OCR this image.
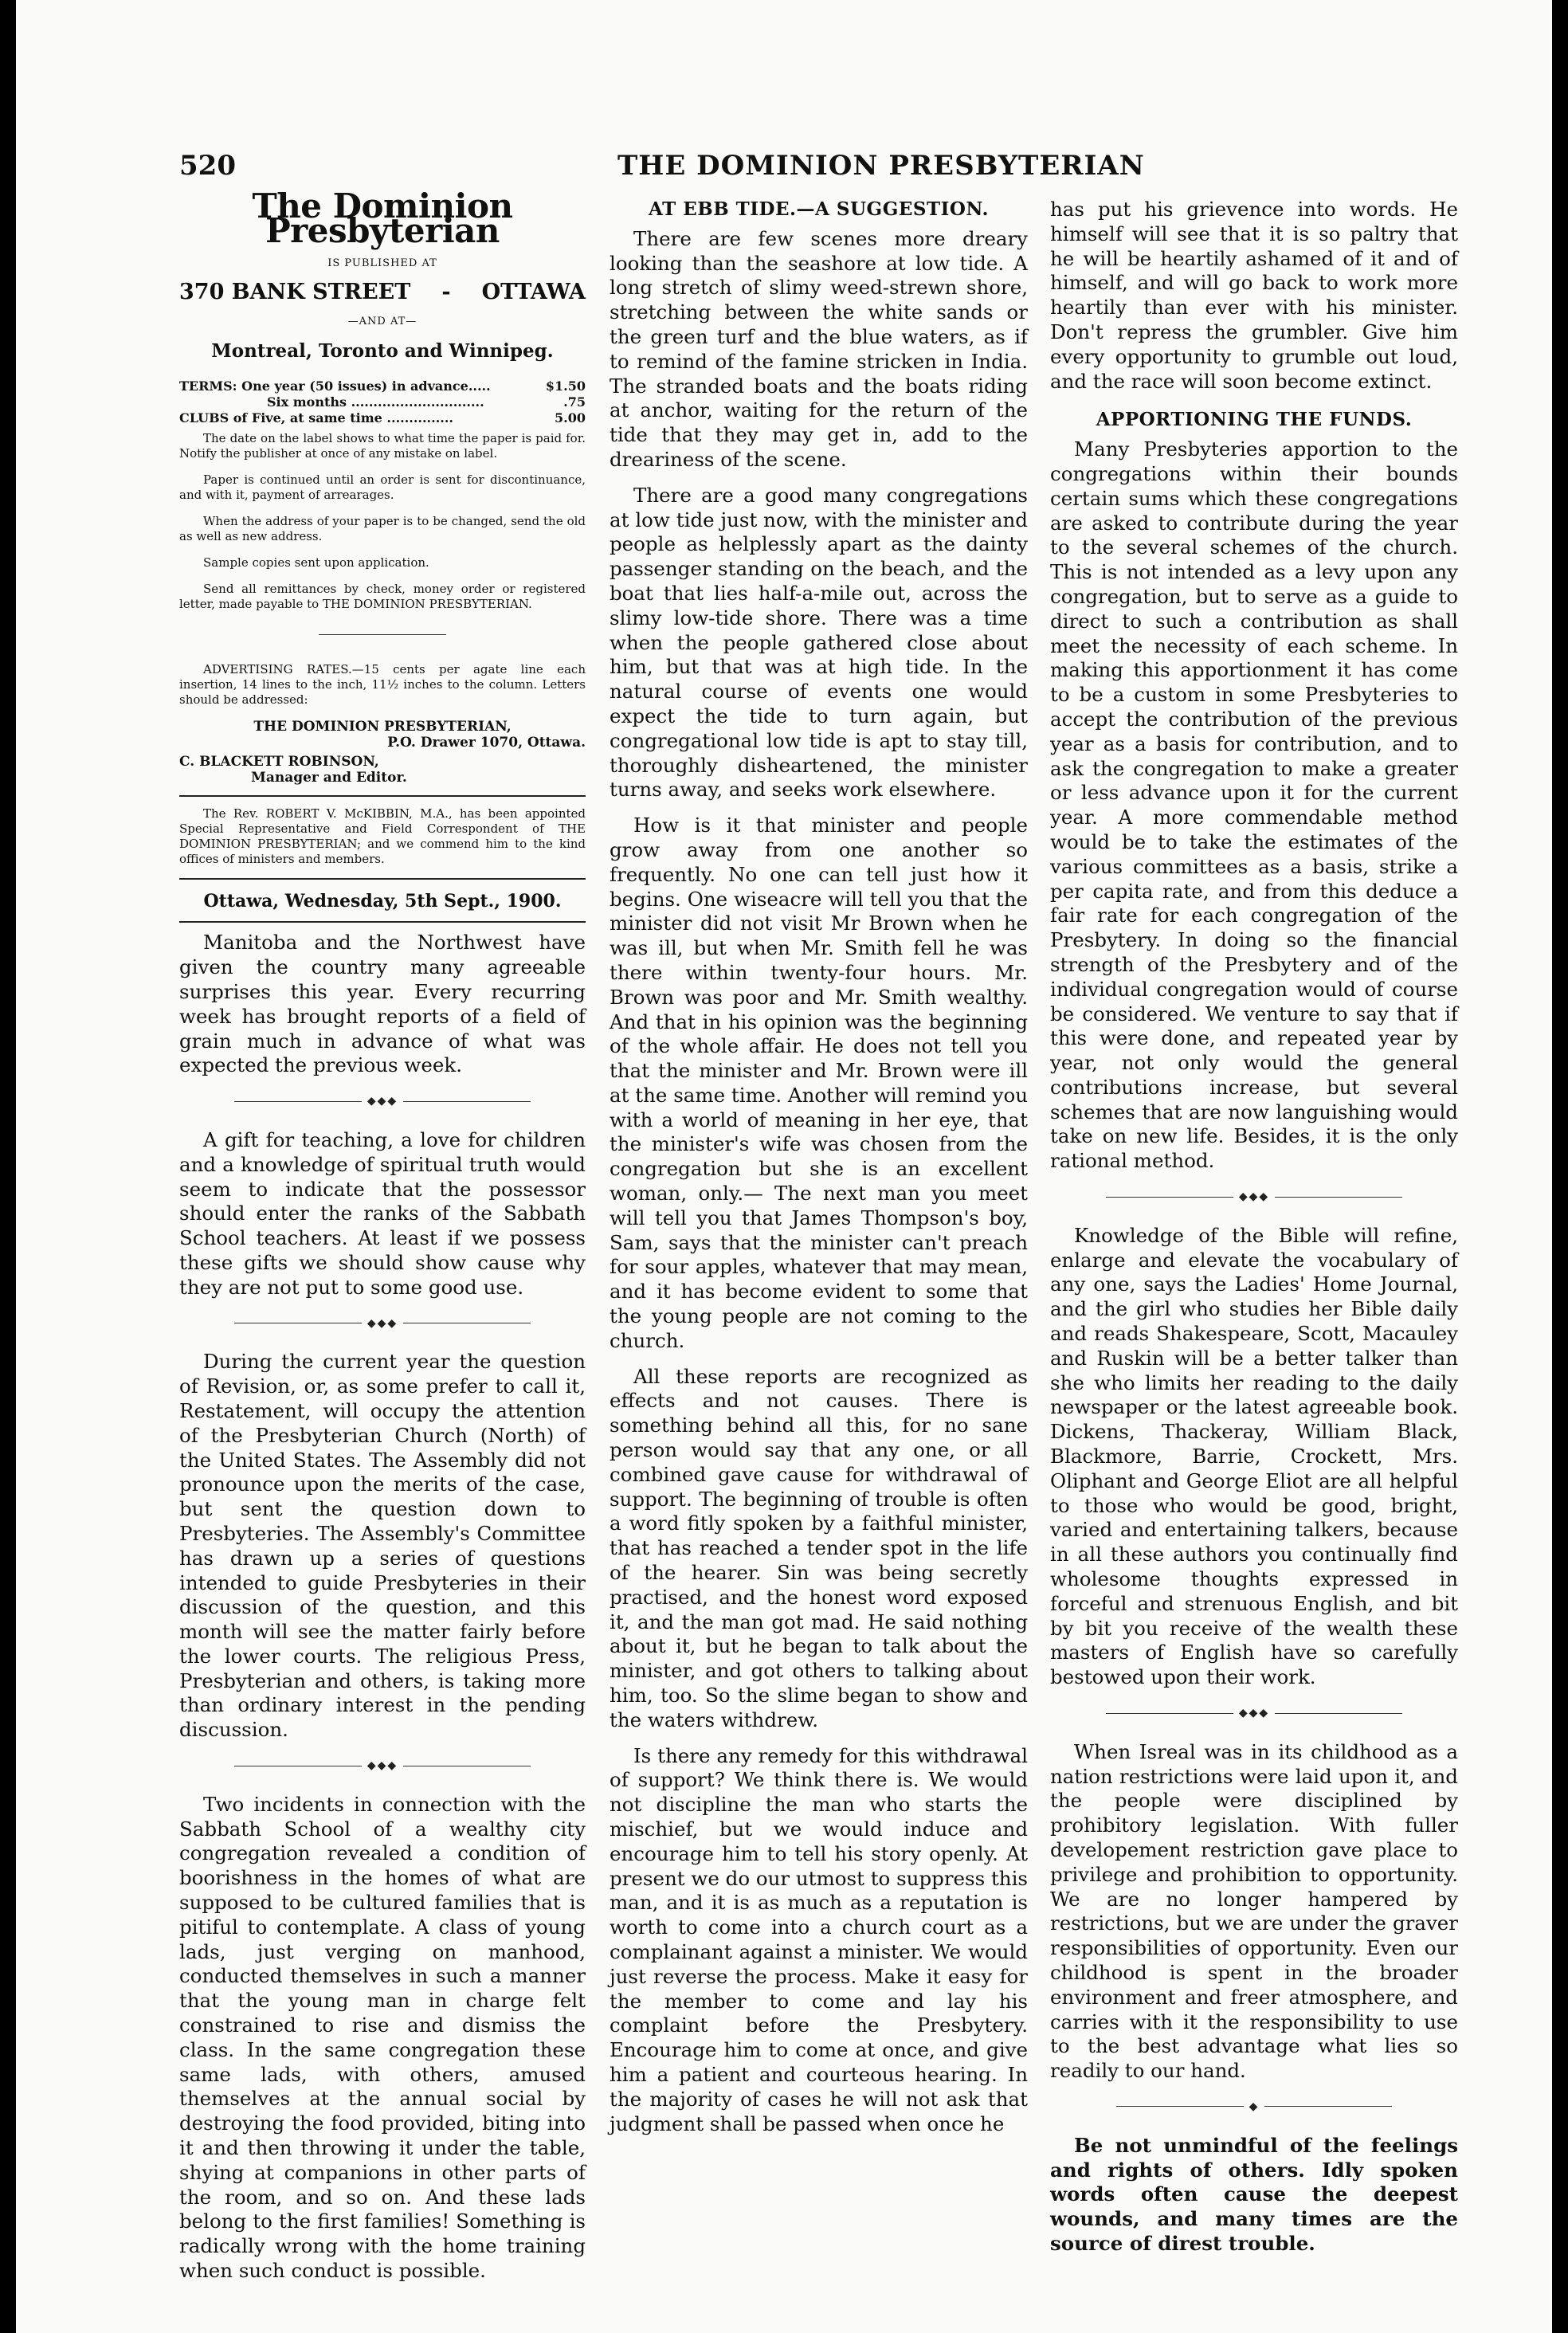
520	THE DOMINION PRESBYTERIAN
The Dominion Presbyterian
IS PUBLISHED AT
370 BANK STREET - OTTAWA
—AND AT—
Montreal, Toronto and Winnipeg.
TERMS: One year (50 issues) in advance.....	$1.50
Six months ..............................	.75
CLUBS of Five, at same time ...............	5.00

The date on the label shows to what time the paper is paid for. Notify the publisher at once of any mistake on label.

Paper is continued until an order is sent for discontinuance, and with it, payment of arrearages.

When the address of your paper is to be changed, send the old as well as new address.

Sample copies sent upon application.

Send all remittances by check, money order or registered letter, made payable to THE DOMINION PRESBYTERIAN.

ADVERTISING RATES.—15 cents per agate line each insertion, 14 lines to the inch, 11½ inches to the column. Letters should be addressed:

THE DOMINION PRESBYTERIAN,
P.O. Drawer 1070, Ottawa.
C. BLACKETT ROBINSON,
Manager and Editor.

The Rev. ROBERT V. McKIBBIN, M.A., has been appointed Special Representative and Field Correspondent of THE DOMINION PRESBYTERIAN; and we commend him to the kind offices of ministers and members.

Ottawa, Wednesday, 5th Sept., 1900.

Manitoba and the Northwest have given the country many agreeable surprises this year. Every recurring week has brought reports of a field of grain much in advance of what was expected the previous week.

◆◆◆

A gift for teaching, a love for children and a knowledge of spiritual truth would seem to indicate that the possessor should enter the ranks of the Sabbath School teachers. At least if we possess these gifts we should show cause why they are not put to some good use.

◆◆◆

During the current year the question of Revision, or, as some prefer to call it, Restatement, will occupy the attention of the Presbyterian Church (North) of the United States. The Assembly did not pronounce upon the merits of the case, but sent the question down to Presbyteries. The Assembly's Committee has drawn up a series of questions intended to guide Presbyteries in their discussion of the question, and this month will see the matter fairly before the lower courts. The religious Press, Presbyterian and others, is taking more than ordinary interest in the pending discussion.

◆◆◆

Two incidents in connection with the Sabbath School of a wealthy city congregation revealed a condition of boorishness in the homes of what are supposed to be cultured families that is pitiful to contemplate. A class of young lads, just verging on manhood, conducted themselves in such a manner that the young man in charge felt constrained to rise and dismiss the class. In the same congregation these same lads, with others, amused themselves at the annual social by destroying the food provided, biting into it and then throwing it under the table, shying at companions in other parts of the room, and so on. And these lads belong to the first families! Something is radically wrong with the home training when such conduct is possible.

AT EBB TIDE.—A SUGGESTION.

There are few scenes more dreary looking than the seashore at low tide. A long stretch of slimy weed-strewn shore, stretching between the white sands or the green turf and the blue waters, as if to remind of the famine stricken in India. The stranded boats and the boats riding at anchor, waiting for the return of the tide that they may get in, add to the dreariness of the scene.

There are a good many congregations at low tide just now, with the minister and people as helplessly apart as the dainty passenger standing on the beach, and the boat that lies half-a-mile out, across the slimy low-tide shore. There was a time when the people gathered close about him, but that was at high tide. In the natural course of events one would expect the tide to turn again, but congregational low tide is apt to stay till, thoroughly disheartened, the minister turns away, and seeks work elsewhere.

How is it that minister and people grow away from one another so frequently. No one can tell just how it begins. One wiseacre will tell you that the minister did not visit Mr Brown when he was ill, but when Mr. Smith fell he was there within twenty-four hours. Mr. Brown was poor and Mr. Smith wealthy. And that in his opinion was the beginning of the whole affair. He does not tell you that the minister and Mr. Brown were ill at the same time. Another will remind you with a world of meaning in her eye, that the minister's wife was chosen from the congregation but she is an excellent woman, only.— The next man you meet will tell you that James Thompson's boy, Sam, says that the minister can't preach for sour apples, whatever that may mean, and it has become evident to some that the young people are not coming to the church.

All these reports are recognized as effects and not causes. There is something behind all this, for no sane person would say that any one, or all combined gave cause for withdrawal of support. The beginning of trouble is often a word fitly spoken by a faithful minister, that has reached a tender spot in the life of the hearer. Sin was being secretly practised, and the honest word exposed it, and the man got mad. He said nothing about it, but he began to talk about the minister, and got others to talking about him, too. So the slime began to show and the waters withdrew.

Is there any remedy for this withdrawal of support? We think there is. We would not discipline the man who starts the mischief, but we would induce and encourage him to tell his story openly. At present we do our utmost to suppress this man, and it is as much as a reputation is worth to come into a church court as a complainant against a minister. We would just reverse the process. Make it easy for the member to come and lay his complaint before the Presbytery. Encourage him to come at once, and give him a patient and courteous hearing. In the majority of cases he will not ask that judgment shall be passed when once he

has put his grievence into words. He himself will see that it is so paltry that he will be heartily ashamed of it and of himself, and will go back to work more heartily than ever with his minister. Don't repress the grumbler. Give him every opportunity to grumble out loud, and the race will soon become extinct.

APPORTIONING THE FUNDS.

Many Presbyteries apportion to the congregations within their bounds certain sums which these congregations are asked to contribute during the year to the several schemes of the church. This is not intended as a levy upon any congregation, but to serve as a guide to direct to such a contribution as shall meet the necessity of each scheme. In making this apportionment it has come to be a custom in some Presbyteries to accept the contribution of the previous year as a basis for contribution, and to ask the congregation to make a greater or less advance upon it for the current year. A more commendable method would be to take the estimates of the various committees as a basis, strike a per capita rate, and from this deduce a fair rate for each congregation of the Presbytery. In doing so the financial strength of the Presbytery and of the individual congregation would of course be considered. We venture to say that if this were done, and repeated year by year, not only would the general contributions increase, but several schemes that are now languishing would take on new life. Besides, it is the only rational method.

◆◆◆

Knowledge of the Bible will refine, enlarge and elevate the vocabulary of any one, says the Ladies' Home Journal, and the girl who studies her Bible daily and reads Shakespeare, Scott, Macauley and Ruskin will be a better talker than she who limits her reading to the daily newspaper or the latest agreeable book. Dickens, Thackeray, William Black, Blackmore, Barrie, Crockett, Mrs. Oliphant and George Eliot are all helpful to those who would be good, bright, varied and entertaining talkers, because in all these authors you continually find wholesome thoughts expressed in forceful and strenuous English, and bit by bit you receive of the wealth these masters of English have so carefully bestowed upon their work.

◆◆◆

When Isreal was in its childhood as a nation restrictions were laid upon it, and the people were disciplined by prohibitory legislation. With fuller developement restriction gave place to privilege and prohibition to opportunity. We are no longer hampered by restrictions, but we are under the graver responsibilities of opportunity. Even our childhood is spent in the broader environment and freer atmosphere, and carries with it the responsibility to use to the best advantage what lies so readily to our hand.

◆

Be not unmindful of the feelings and rights of others. Idly spoken words often cause the deepest wounds, and many times are the source of direst trouble.
